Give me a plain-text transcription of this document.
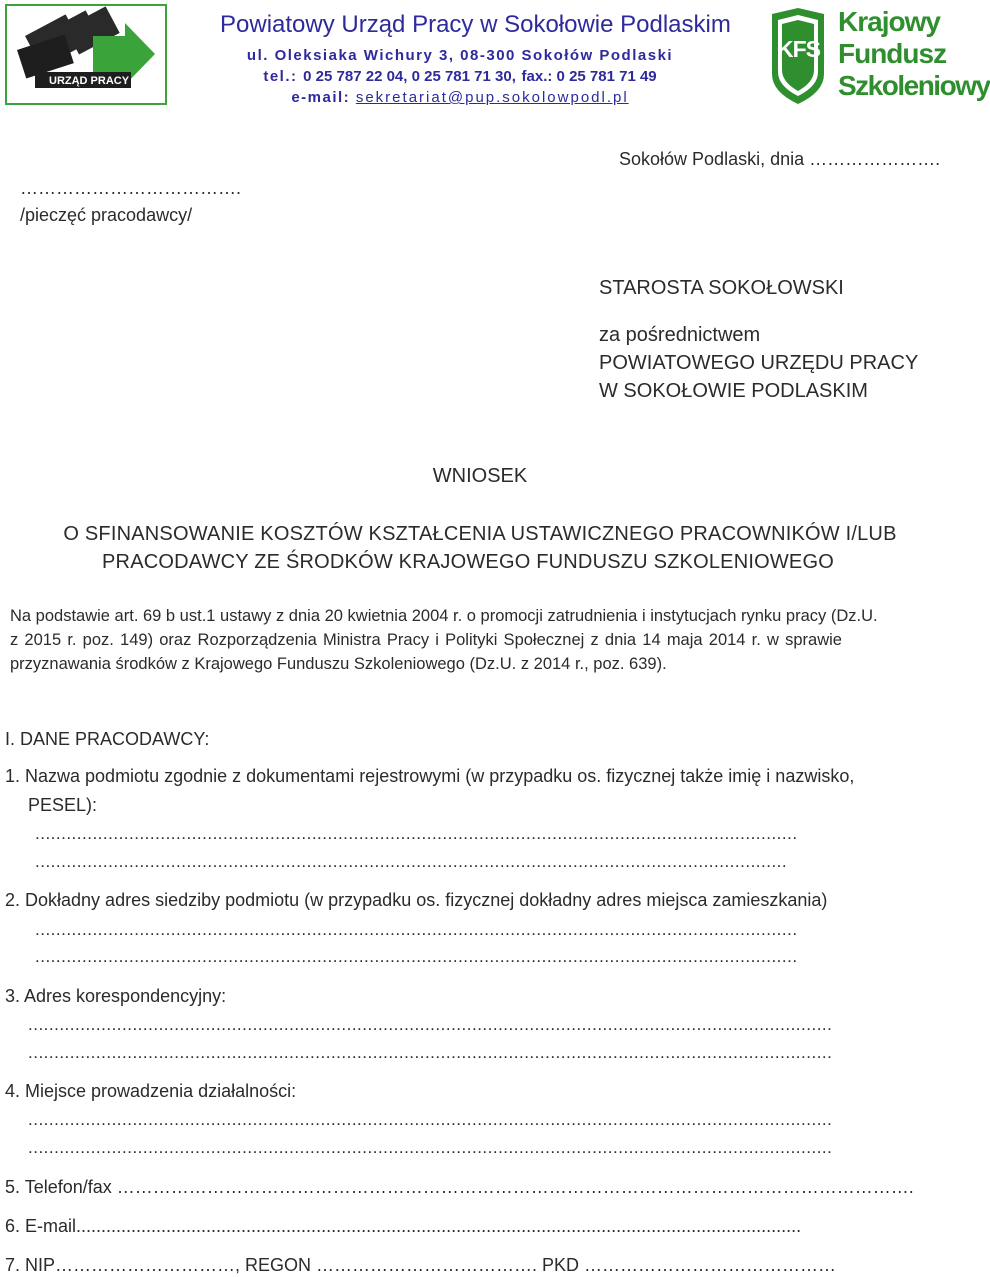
URZĄD PRACY
Powiatowy Urząd Pracy w Sokołowie Podlaskim
ul. Oleksiaka Wichury 3, 08-300 Sokołów Podlaski
tel.: 0 25 787 22 04, 0 25 781 71 30, fax.: 0 25 781 71 49
e-mail: sekretariat@pup.sokolowpodl.pl
KFS
Krajowy
Fundusz
Szkoleniowy
Sokołów Podlaski, dnia ………………….
……………………………….
/pieczęć pracodawcy/
STAROSTA SOKOŁOWSKI
za pośrednictwem
POWIATOWEGO URZĘDU PRACY
W SOKOŁOWIE PODLASKIM
WNIOSEK
O SFINANSOWANIE KOSZTÓW KSZTAŁCENIA USTAWICZNEGO PRACOWNIKÓW I/LUB
PRACODAWCY ZE ŚRODKÓW KRAJOWEGO FUNDUSZU SZKOLENIOWEGO
Na podstawie art. 69 b ust.1 ustawy z dnia 20 kwietnia 2004 r. o promocji zatrudnienia i instytucjach rynku pracy (Dz.U.
z 2015 r. poz. 149) oraz Rozporządzenia Ministra Pracy i Polityki Społecznej z dnia 14 maja 2014 r. w sprawie
przyznawania środków z Krajowego Funduszu Szkoleniowego (Dz.U. z 2014 r., poz. 639).
I. DANE PRACODAWCY:
1. Nazwa podmiotu zgodnie z dokumentami rejestrowymi (w przypadku os. fizycznej także imię i nazwisko,
PESEL):
..................................................................................................................................................
................................................................................................................................................
2. Dokładny adres siedziby podmiotu (w przypadku os. fizycznej dokładny adres miejsca zamieszkania)
..................................................................................................................................................
..................................................................................................................................................
3. Adres korespondencyjny:
..........................................................................................................................................................
..........................................................................................................................................................
4. Miejsce prowadzenia działalności:
..........................................................................................................................................................
..........................................................................................................................................................
5. Telefon/fax …………………………………………………………………………………………………………………….
6. E-mail.................................................................................................................................................
7. NIP…………………………, REGON ………………………………. PKD ……………………………………
